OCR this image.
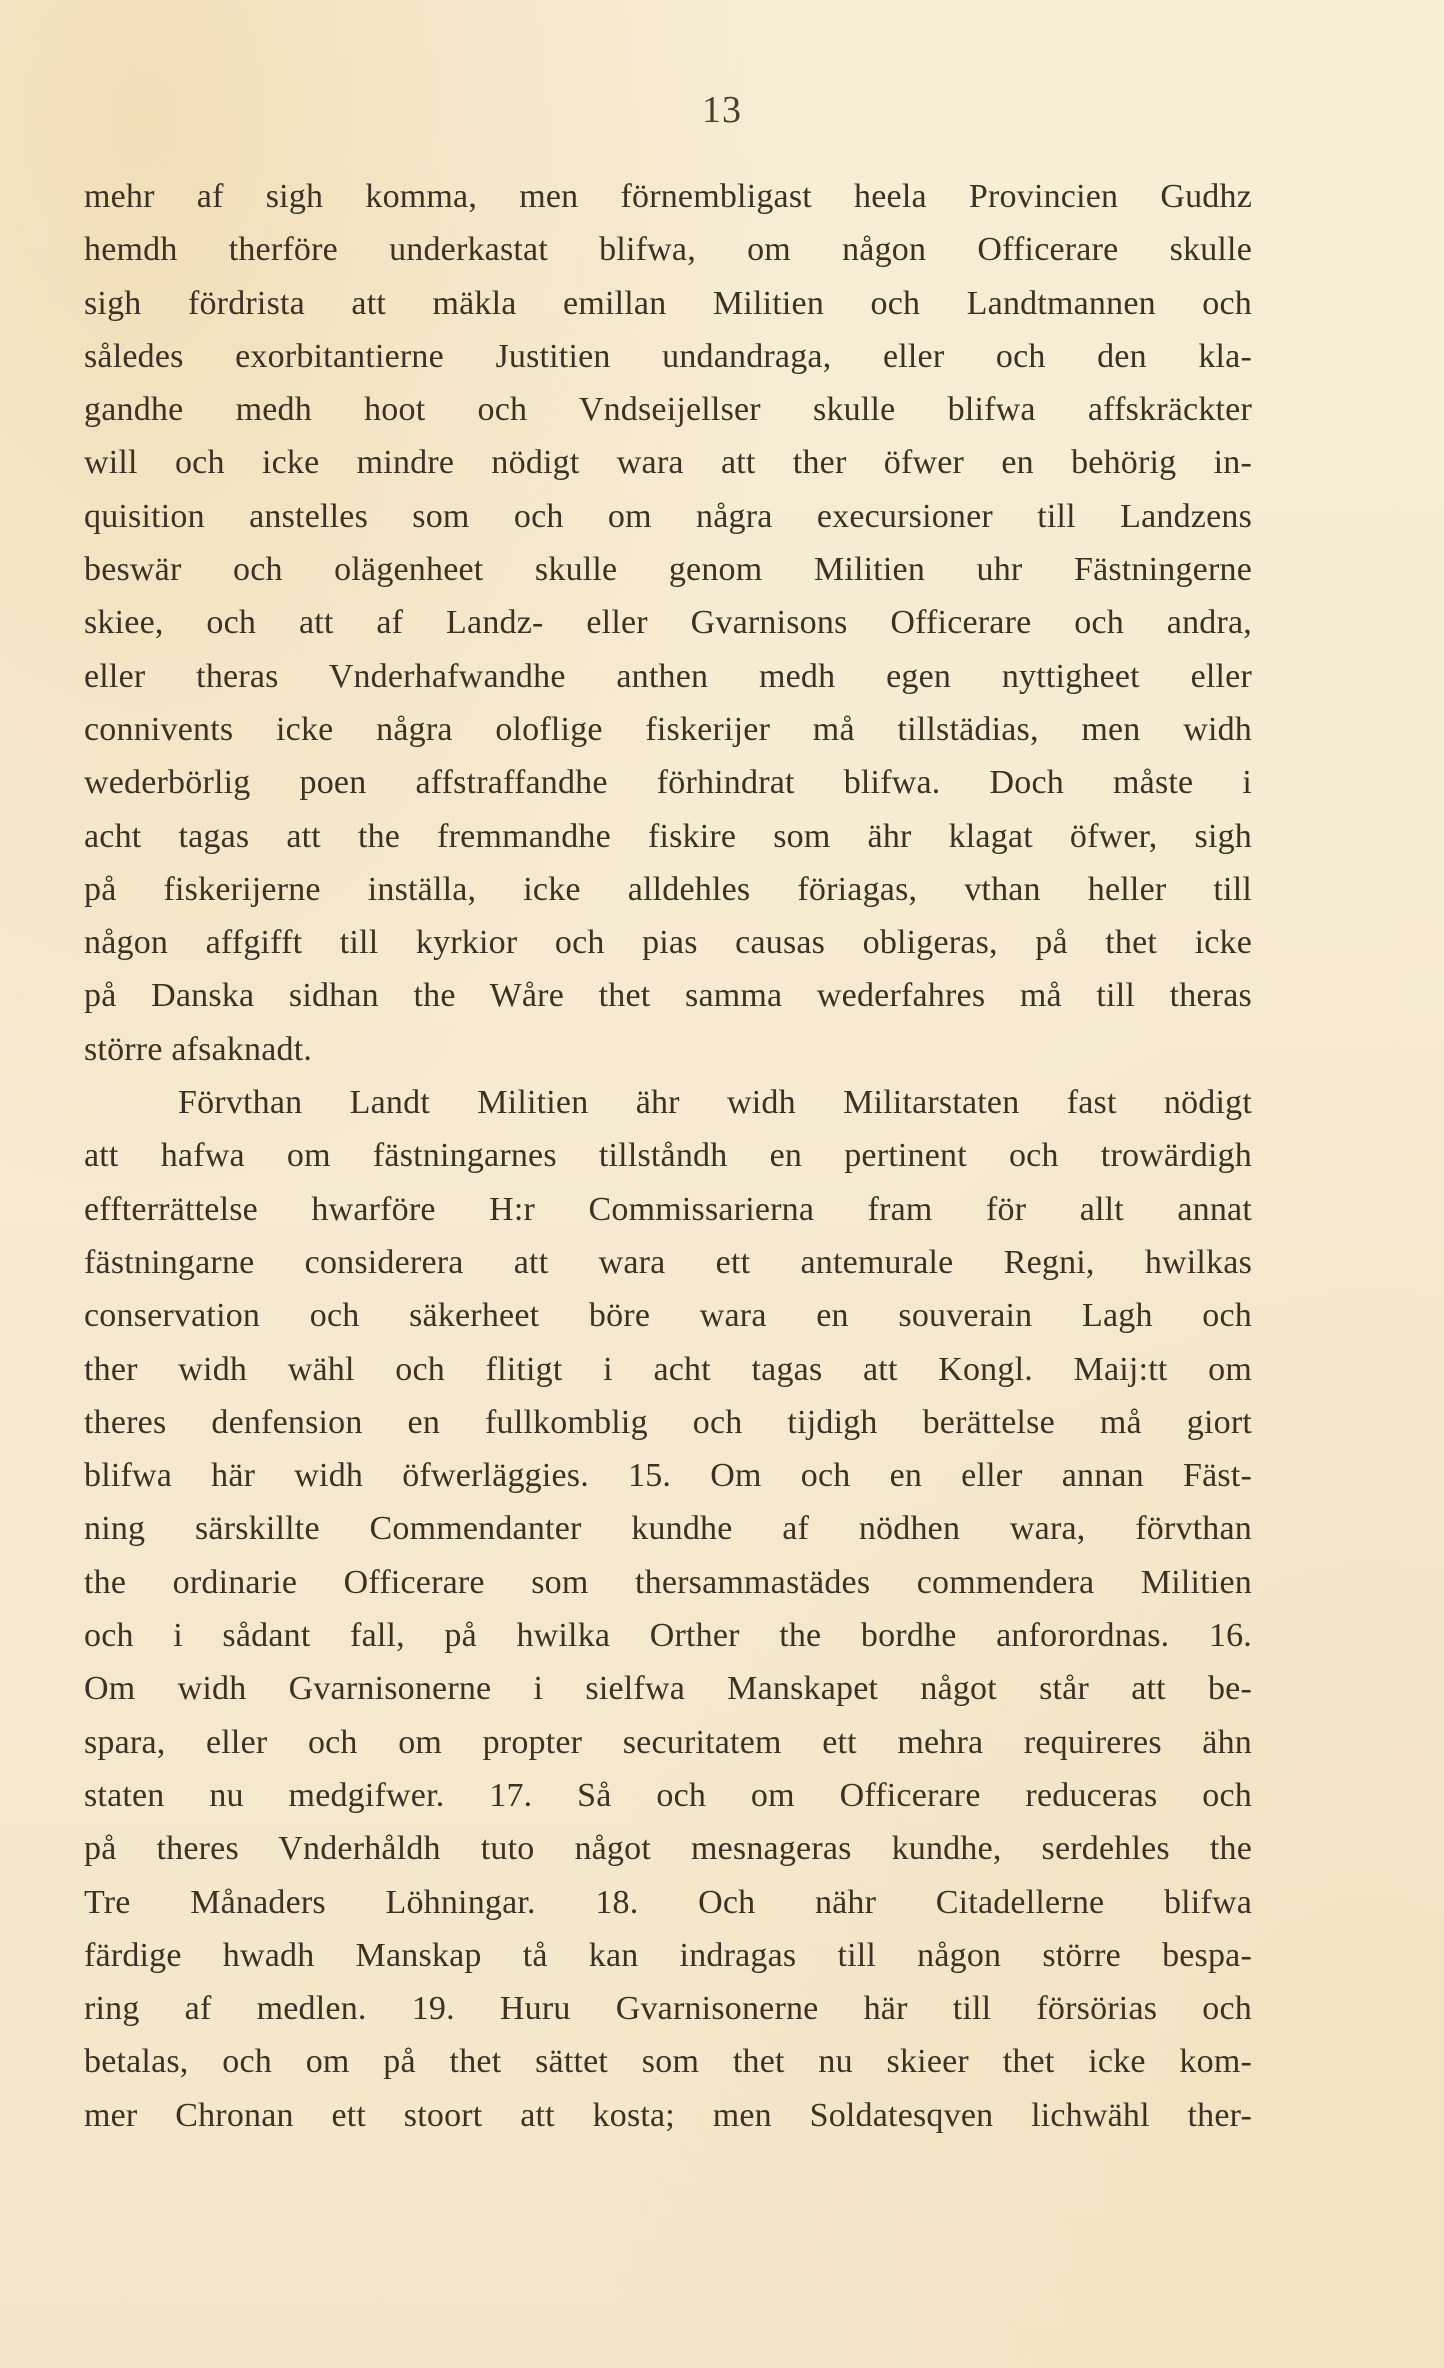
13
mehr af sigh komma, men förnembligast heela Provincien Gudhz
hemdh therföre underkastat blifwa, om någon Officerare skulle
sigh fördrista att mäkla emillan Militien och Landtmannen och
således exorbitantierne Justitien undandraga, eller och den kla-
gandhe medh hoot och Vndseijellser skulle blifwa affskräckter
will och icke mindre nödigt wara att ther öfwer en behörig in-
quisition anstelles som och om några execursioner till Landzens
beswär och olägenheet skulle genom Militien uhr Fästningerne
skiee, och att af Landz- eller Gvarnisons Officerare och andra,
eller theras Vnderhafwandhe anthen medh egen nyttigheet eller
connivents icke några oloflige fiskerijer må tillstädias, men widh
wederbörlig poen affstraffandhe förhindrat blifwa. Doch måste i
acht tagas att the fremmandhe fiskire som ähr klagat öfwer, sigh
på fiskerijerne inställa, icke alldehles föriagas, vthan heller till
någon affgifft till kyrkior och pias causas obligeras, på thet icke
på Danska sidhan the Wåre thet samma wederfahres må till theras
större afsaknadt.
Förvthan Landt Militien ähr widh Militarstaten fast nödigt
att hafwa om fästningarnes tillståndh en pertinent och trowärdigh
effterrättelse hwarföre H:r Commissarierna fram för allt annat
fästningarne considerera att wara ett antemurale Regni, hwilkas
conservation och säkerheet böre wara en souverain Lagh och
ther widh wähl och flitigt i acht tagas att Kongl. Maij:tt om
theres denfension en fullkomblig och tijdigh berättelse må giort
blifwa här widh öfwerläggies. 15. Om och en eller annan Fäst-
ning särskillte Commendanter kundhe af nödhen wara, förvthan
the ordinarie Officerare som thersammastädes commendera Militien
och i sådant fall, på hwilka Orther the bordhe anforordnas. 16.
Om widh Gvarnisonerne i sielfwa Manskapet något står att be-
spara, eller och om propter securitatem ett mehra requireres ähn
staten nu medgifwer. 17. Så och om Officerare reduceras och
på theres Vnderhåldh tuto något mesnageras kundhe, serdehles the
Tre Månaders Löhningar. 18. Och nähr Citadellerne blifwa
färdige hwadh Manskap tå kan indragas till någon större bespa-
ring af medlen. 19. Huru Gvarnisonerne här till försörias och
betalas, och om på thet sättet som thet nu skieer thet icke kom-
mer Chronan ett stoort att kosta; men Soldatesqven lichwähl ther-
